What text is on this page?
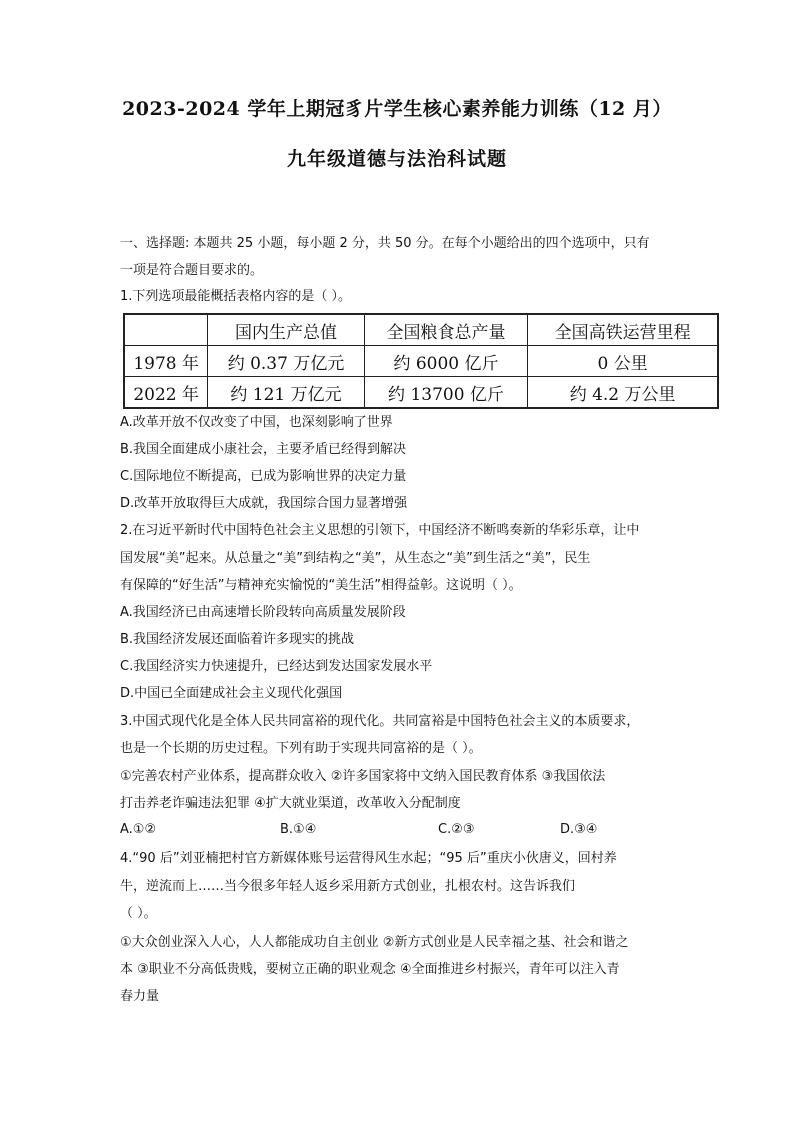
2023-2024 学年上期冠豸片学生核心素养能力训练（12 月）
九年级道德与法治科试题
一、选择题: 本题共 25 小题，每小题 2 分，共 50 分。在每个小题给出的四个选项中，只有
一项是符合题目要求的。
1.下列选项最能概括表格内容的是（ ）。
	国内生产总值	全国粮食总产量	全国高铁运营里程
1978 年	约 0.37 万亿元	约 6000 亿斤	0 公里
2022 年	约 121 万亿元	约 13700 亿斤	约 4.2 万公里
A.改革开放不仅改变了中国，也深刻影响了世界
B.我国全面建成小康社会，主要矛盾已经得到解决
C.国际地位不断提高，已成为影响世界的决定力量
D.改革开放取得巨大成就，我国综合国力显著增强
2.在习近平新时代中国特色社会主义思想的引领下，中国经济不断鸣奏新的华彩乐章，让中
国发展“美”起来。从总量之“美”到结构之“美”，从生态之“美”到生活之“美”，民生
有保障的“好生活”与精神充实愉悦的“美生活”相得益彰。这说明（ ）。
A.我国经济已由高速增长阶段转向高质量发展阶段
B.我国经济发展还面临着许多现实的挑战
C.我国经济实力快速提升，已经达到发达国家发展水平
D.中国已全面建成社会主义现代化强国
3.中国式现代化是全体人民共同富裕的现代化。共同富裕是中国特色社会主义的本质要求，
也是一个长期的历史过程。下列有助于实现共同富裕的是（ ）。
①完善农村产业体系，提高群众收入 ②许多国家将中文纳入国民教育体系 ③我国依法
打击养老诈骗违法犯罪 ④扩大就业渠道，改革收入分配制度
A.①②	B.①④	C.②③	D.③④
4.“90 后”刘亚楠把村官方新媒体账号运营得风生水起；“95 后”重庆小伙唐义，回村养
牛，逆流而上……当今很多年轻人返乡采用新方式创业，扎根农村。这告诉我们
（ ）。
①大众创业深入人心，人人都能成功自主创业 ②新方式创业是人民幸福之基、社会和谐之
本 ③职业不分高低贵贱，要树立正确的职业观念 ④全面推进乡村振兴，青年可以注入青
春力量
